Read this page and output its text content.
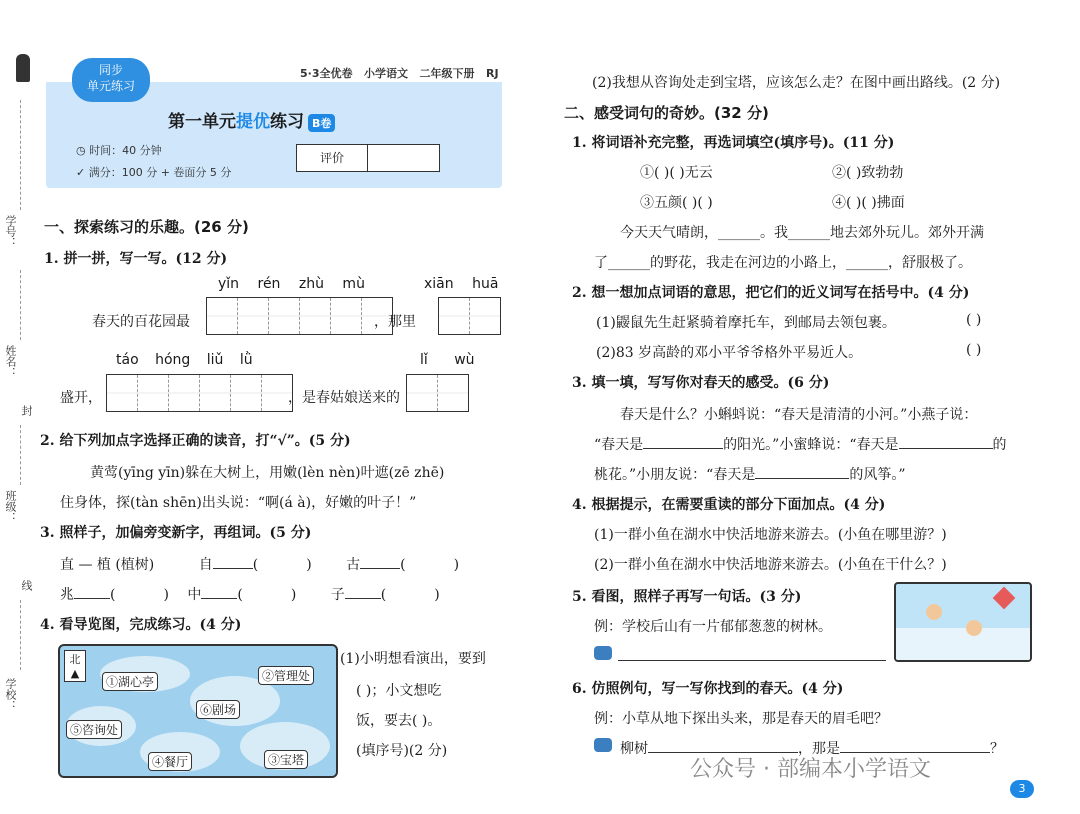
学号：
姓名：
封
班级：
线
学校：
同步
单元练习
5·3全优卷 小学语文 二年级下册 RJ
第一单元提优练习 B卷
◷ 时间：40 分钟
✓ 满分：100 分 + 卷面分 5 分
评价
一、探索练习的乐趣。(26 分)
1. 拼一拼，写一写。(12 分)
yǐn rén zhù mù	xiān huā
春天的百花园最	，那里
táo hóng liǔ lǜ	lǐ wù
盛开，	，是春姑娘送来的
2. 给下列加点字选择正确的读音，打“√”。(5 分)
黄莺(yīng yīn)躲在大树上，用嫩(lèn nèn)叶遮(zē zhē)
住身体，探(tàn shēn)出头说：“啊(á à)，好嫩的叶子！”
3. 照样子，加偏旁变新字，再组词。(5 分)
直 — 植 (植树)	自	(	) 古	(	)
兆	(	) 中	(	) 子	(	)
4. 看导览图，完成练习。(4 分)
北
▲
①湖心亭	②管理处
⑥剧场
⑤咨询处
④餐厅	③宝塔
(1)小明想看演出，要到
( )；小文想吃
饭，要去( )。
(填序号)(2 分)
(2)我想从咨询处走到宝塔，应该怎么走？在图中画出路线。(2 分)
二、感受词句的奇妙。(32 分)
1. 将词语补充完整，再选词填空(填序号)。(11 分)
①( )( )无云	②( )致勃勃
③五颜( )( )	④( )( )拂面
今天天气晴朗，______。我______地去郊外玩儿。郊外开满
了______的野花，我走在河边的小路上，______，舒服极了。
2. 想一想加点词语的意思，把它们的近义词写在括号中。(4 分)
(1)鼹鼠先生赶紧骑着摩托车，到邮局去领包裹。	( )
(2)83 岁高龄的邓小平爷爷格外平易近人。	( )
3. 填一填，写写你对春天的感受。(6 分)
春天是什么？小蝌蚪说：“春天是清清的小河。”小燕子说：
“春天是	的阳光。”小蜜蜂说：“春天是	的
桃花。”小朋友说：“春天是	的风筝。”
4. 根据提示，在需要重读的部分下面加点。(4 分)
(1)一群小鱼在湖水中快活地游来游去。(小鱼在哪里游？)
(2)一群小鱼在湖水中快活地游来游去。(小鱼在干什么？)
5. 看图，照样子再写一句话。(3 分)
例：学校后山有一片郁郁葱葱的树林。
6. 仿照例句，写一写你找到的春天。(4 分)
例：小草从地下探出头来，那是春天的眉毛吧？
柳树	，那是	？
公众号 · 部编本小学语文
3
